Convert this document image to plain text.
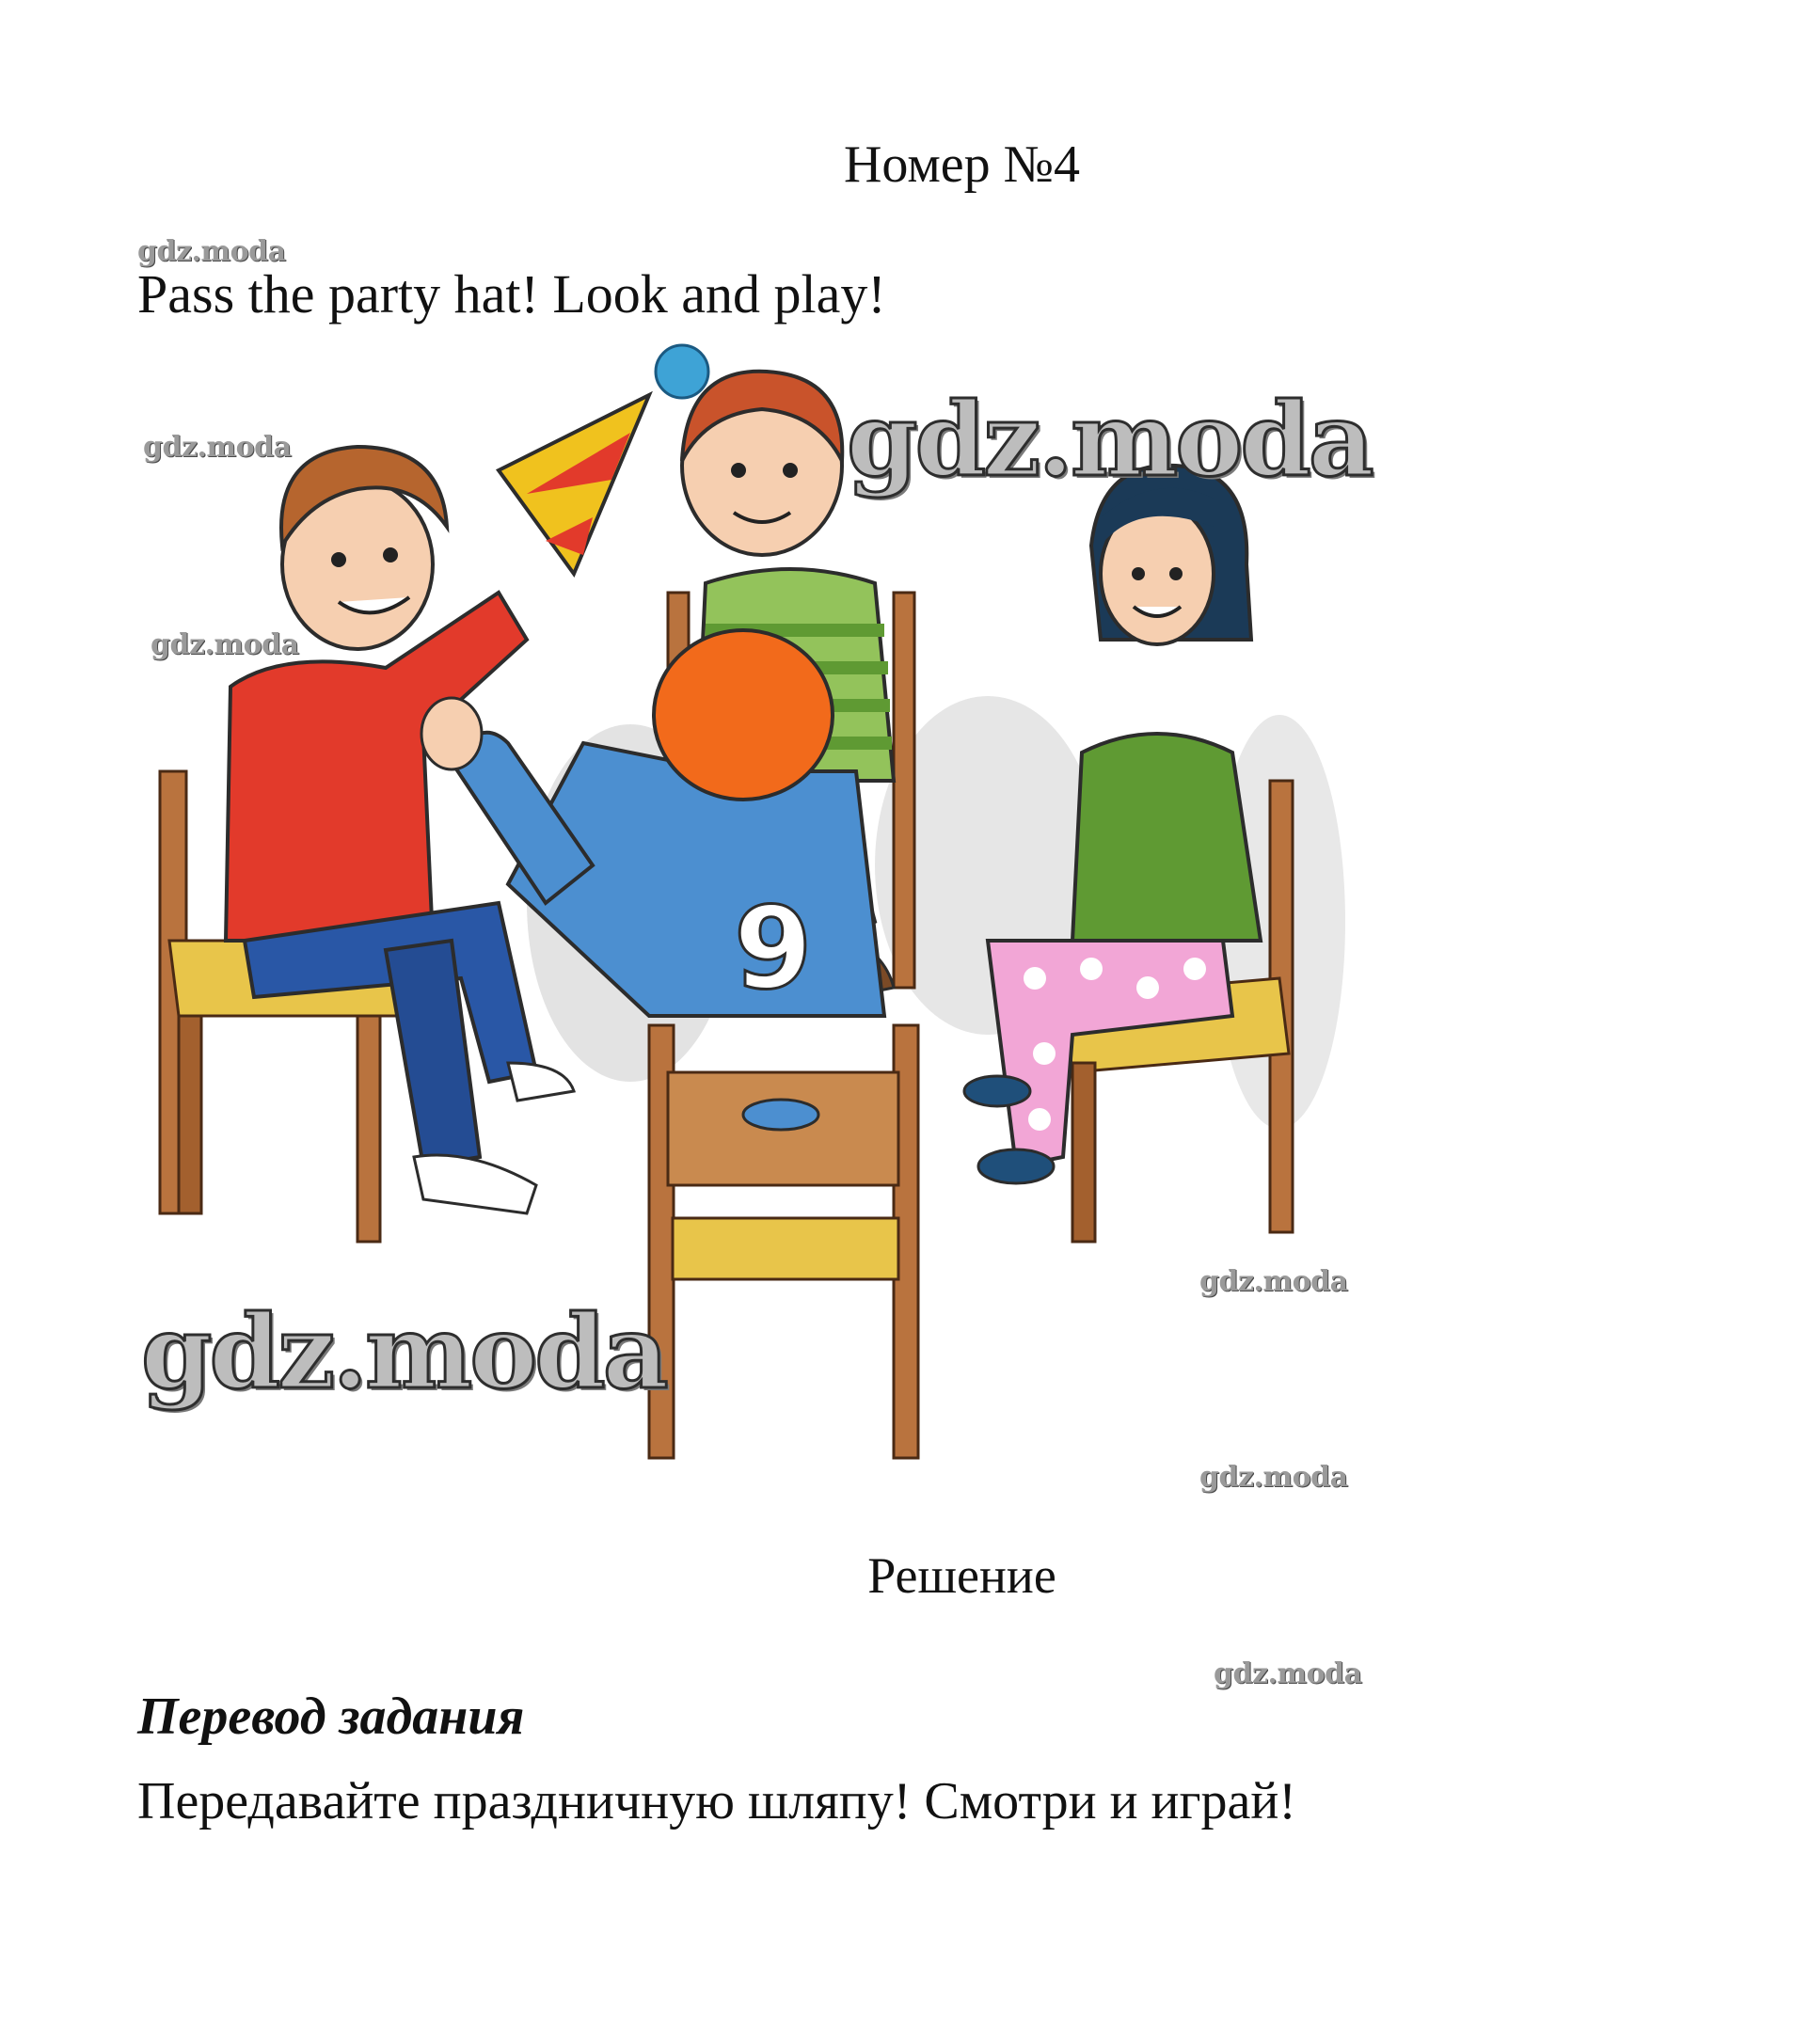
Номер №4
gdz.moda
Pass the party hat! Look and play!
9
gdz.moda
gdz.moda
gdz.moda
gdz.moda
gdz.moda
gdz.moda
Решение
gdz.moda
Перевод задания
Передавайте праздничную шляпу! Смотри и играй!
